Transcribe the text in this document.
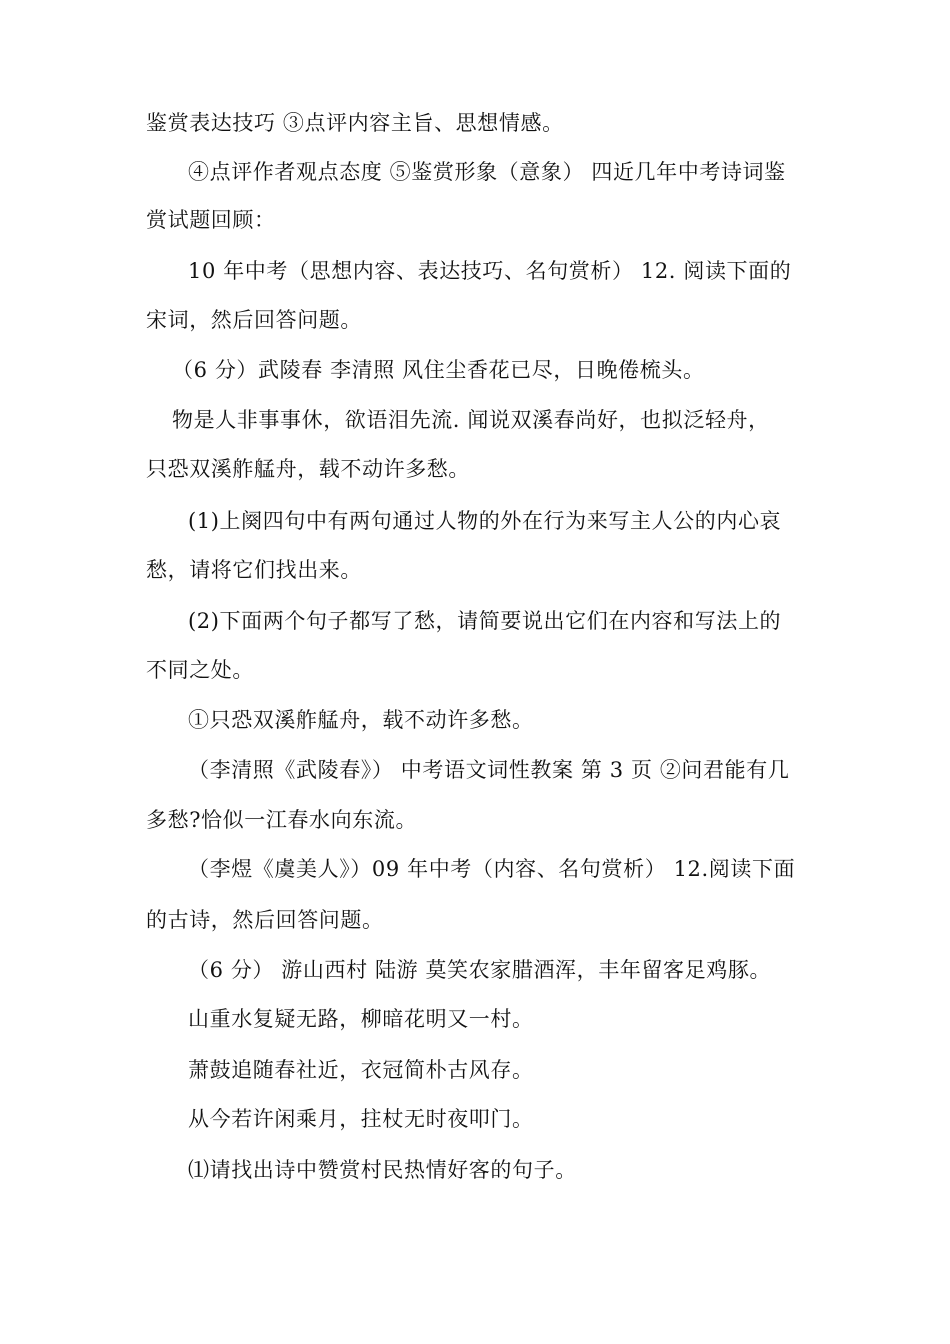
鉴赏表达技巧 ③点评内容主旨、思想情感。
④点评作者观点态度 ⑤鉴赏形象（意象） 四近几年中考诗词鉴
赏试题回顾：
10 年中考（思想内容、表达技巧、名句赏析） 12. 阅读下面的
宋词，然后回答问题。
（6 分）武陵春 李清照 风住尘香花已尽，日晚倦梳头。
物是人非事事休，欲语泪先流. 闻说双溪春尚好，也拟泛轻舟，
只恐双溪舴艋舟，载不动许多愁。
(1)上阕四句中有两句通过人物的外在行为来写主人公的内心哀
愁，请将它们找出来。
(2)下面两个句子都写了愁，请简要说出它们在内容和写法上的
不同之处。
①只恐双溪舴艋舟，载不动许多愁。
（李清照《武陵春》） 中考语文词性教案 第 3 页 ②问君能有几
多愁?恰似一江春水向东流。
（李煜《虞美人》）09 年中考（内容、名句赏析） 12.阅读下面
的古诗，然后回答问题。
（6 分） 游山西村 陆游 莫笑农家腊酒浑，丰年留客足鸡豚。
山重水复疑无路，柳暗花明又一村。
萧鼓追随春社近，衣冠简朴古风存。
从今若许闲乘月，拄杖无时夜叩门。
⑴请找出诗中赞赏村民热情好客的句子。
